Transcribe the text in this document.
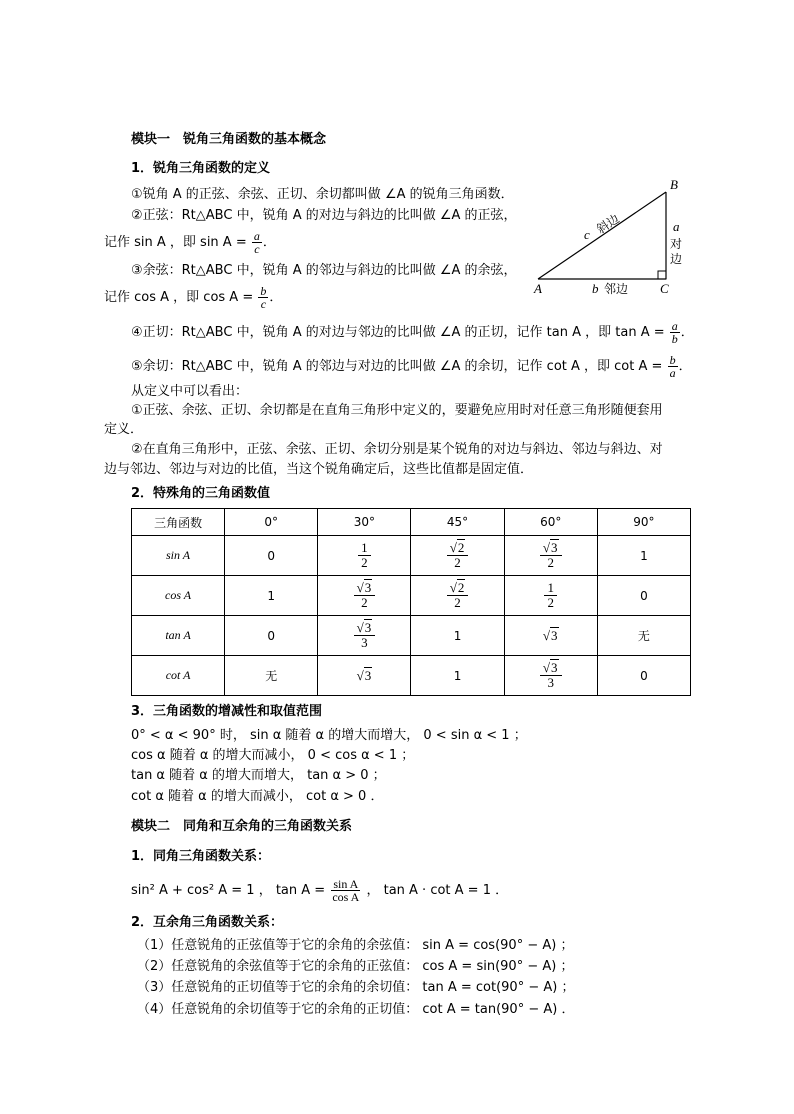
模块一　锐角三角函数的基本概念
1．锐角三角函数的定义
①锐角 A 的正弦、余弦、正切、余切都叫做 ∠A 的锐角三角函数．
②正弦：Rt△ABC 中，锐角 A 的对边与斜边的比叫做 ∠A 的正弦，
记作 sin A ，即 $\sin A = \frac{a}{c}$ ．
③余弦：Rt△ABC 中，锐角 A 的邻边与斜边的比叫做 ∠A 的余弦，
记作 cos A ，即 $\cos A = \frac{b}{c}$ ．
④正切：Rt△ABC 中，锐角 A 的对边与邻边的比叫做 ∠A 的正切，记作 tan A ，即 $\tan A = \frac{a}{b}$ ．
⑤余切：Rt△ABC 中，锐角 A 的邻边与对边的比叫做 ∠A 的余切，记作 cot A ，即 $\cot A = \frac{b}{a}$ ．
从定义中可以看出：
①正弦、余弦、正切、余切都是在直角三角形中定义的，要避免应用时对任意三角形随便套用
定义．
②在直角三角形中，正弦、余弦、正切、余切分别是某个锐角的对边与斜边、邻边与斜边、对
边与邻边、邻边与对边的比值，当这个锐角确定后，这些比值都是固定值．
2．特殊角的三角函数值
B
A	C
c 斜边	a
对
边
b 邻边
三角函数	0°	30°	45°	60°	90°
sin A	0	$\frac{1}{2}$	$\frac{√2}{2}$	$\frac{√3}{2}$	1
cos A	1	$\frac{√3}{2}$	$\frac{√2}{2}$	$\frac{1}{2}$	0
tan A	0	$\frac{√3}{3}$	1	√3	无
cot A	无	√3	1	$\frac{√3}{3}$	0
3．三角函数的增减性和取值范围
0° < α < 90° 时， sin α 随着 α 的增大而增大， 0 < sin α < 1 ；
cos α 随着 α 的增大而减小， 0 < cos α < 1 ；
tan α 随着 α 的增大而增大， tan α > 0 ；
cot α 随着 α 的增大而减小， cot α > 0 ．
模块二　同角和互余角的三角函数关系
1．同角三角函数关系：
sin² A + cos² A = 1 ， $\tan A = \frac{\text{sin A}}{\text{cos A}}$ ， tan A · cot A = 1 ．
2．互余角三角函数关系：
（1）任意锐角的正弦值等于它的余角的余弦值： sin A = cos(90° − A) ；
（2）任意锐角的余弦值等于它的余角的正弦值： cos A = sin(90° − A) ；
（3）任意锐角的正切值等于它的余角的余切值： tan A = cot(90° − A) ；
（4）任意锐角的余切值等于它的余角的正切值： cot A = tan(90° − A) ．
